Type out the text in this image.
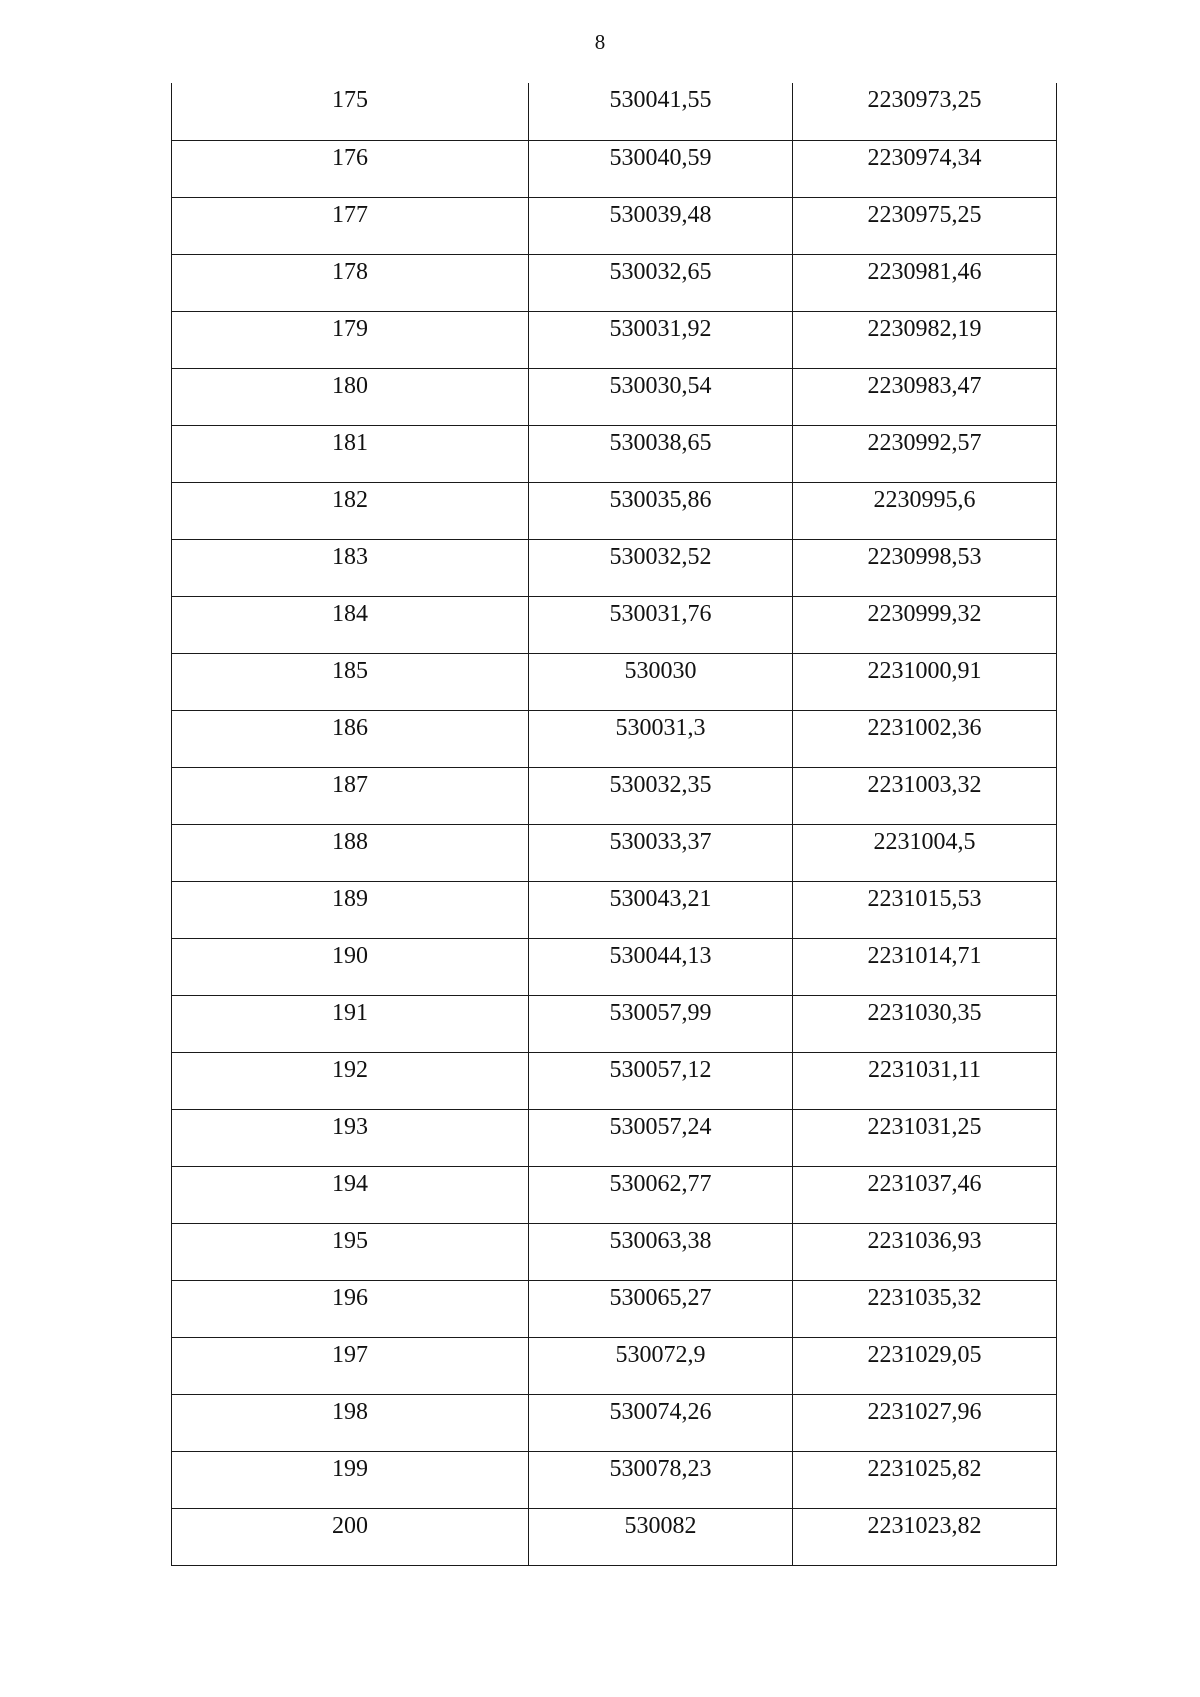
8
175	530041,55	2230973,25
176	530040,59	2230974,34
177	530039,48	2230975,25
178	530032,65	2230981,46
179	530031,92	2230982,19
180	530030,54	2230983,47
181	530038,65	2230992,57
182	530035,86	2230995,6
183	530032,52	2230998,53
184	530031,76	2230999,32
185	530030	2231000,91
186	530031,3	2231002,36
187	530032,35	2231003,32
188	530033,37	2231004,5
189	530043,21	2231015,53
190	530044,13	2231014,71
191	530057,99	2231030,35
192	530057,12	2231031,11
193	530057,24	2231031,25
194	530062,77	2231037,46
195	530063,38	2231036,93
196	530065,27	2231035,32
197	530072,9	2231029,05
198	530074,26	2231027,96
199	530078,23	2231025,82
200	530082	2231023,82
